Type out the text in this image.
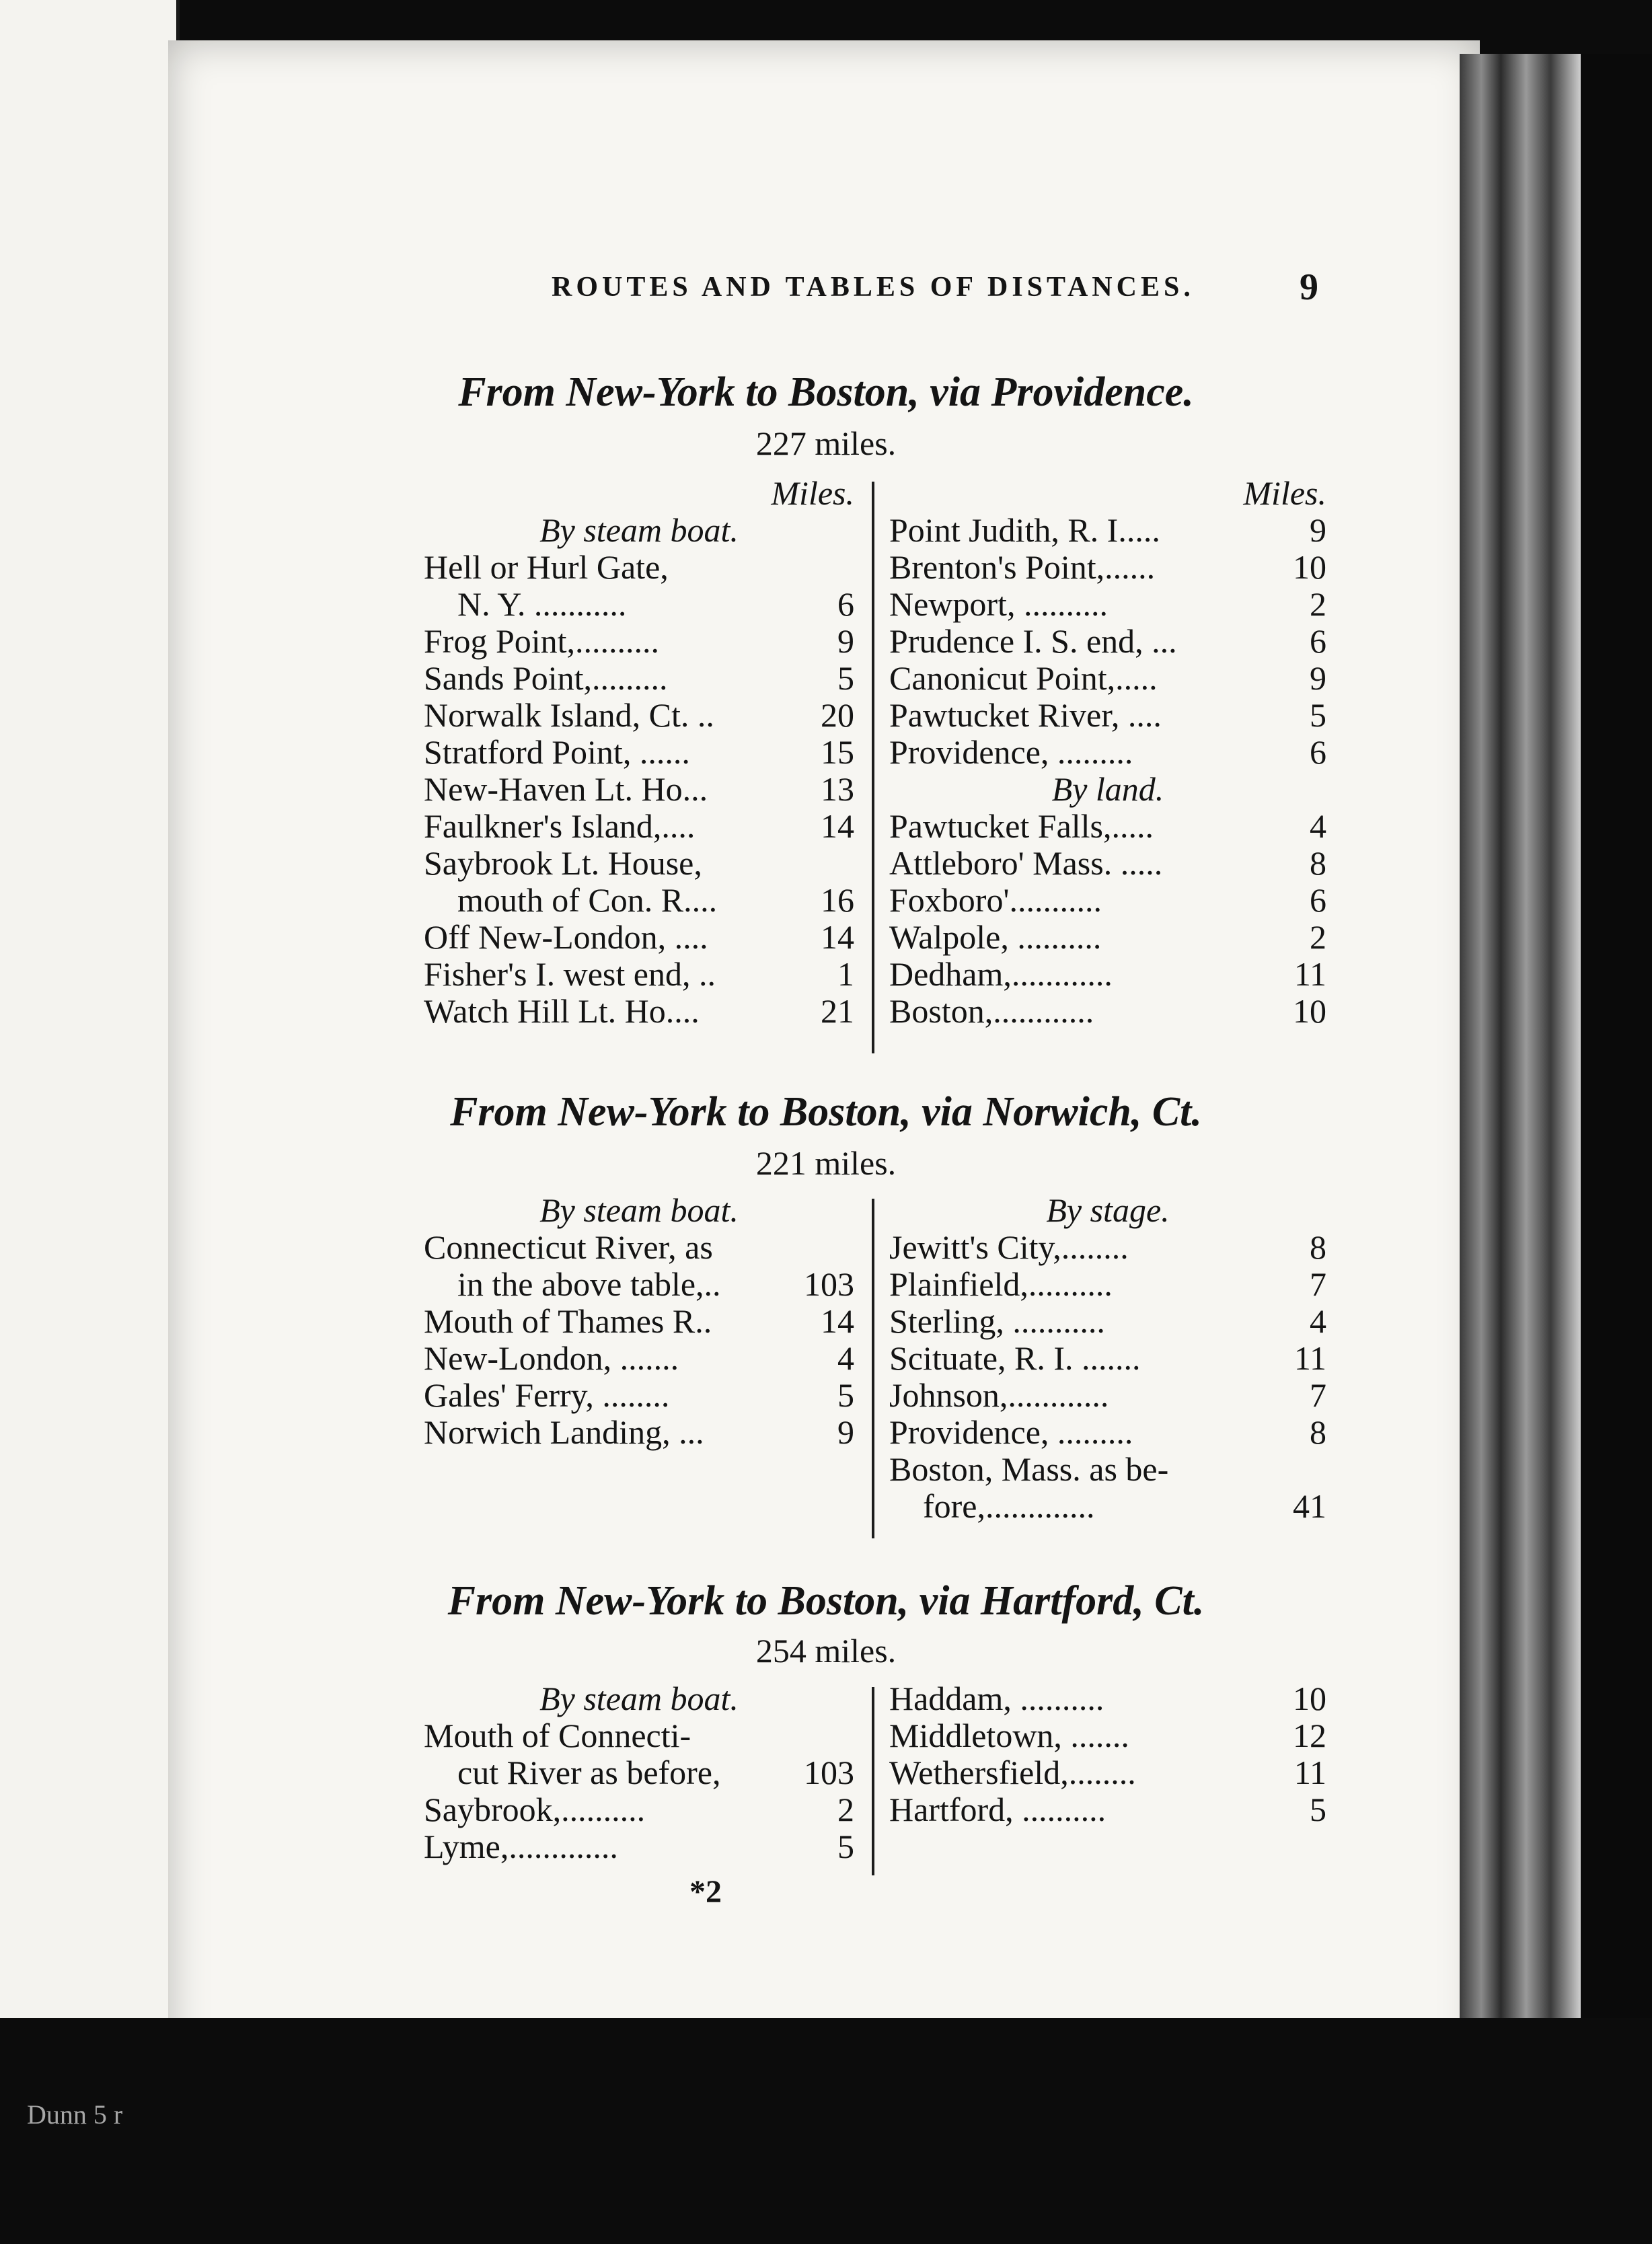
Dunn 5 r
ROUTES AND TABLES OF DISTANCES.	9
From New-York to Boston, via Providence.
227 miles.
Miles.
By steam boat.
Hell or Hurl Gate,
N. Y. ...........	6
Frog Point,..........	9
Sands Point,.........	5
Norwalk Island, Ct. ..	20
Stratford Point, ......	15
New-Haven Lt. Ho...	13
Faulkner's Island,....	14
Saybrook Lt. House,
mouth of Con. R....	16
Off New-London, ....	14
Fisher's I. west end, ..	1
Watch Hill Lt. Ho....	21
Miles.
Point Judith, R. I.....	9
Brenton's Point,......	10
Newport, ..........	2
Prudence I. S. end, ...	6
Canonicut Point,.....	9
Pawtucket River, ....	5
Providence, .........	6
By land.
Pawtucket Falls,.....	4
Attleboro' Mass. .....	8
Foxboro'...........	6
Walpole, ..........	2
Dedham,............	11
Boston,............	10
From New-York to Boston, via Norwich, Ct.
221 miles.
By steam boat.
Connecticut River, as
in the above table,.. 103
Mouth of Thames R..	14
New-London, .......	4
Gales' Ferry, ........	5
Norwich Landing, ...	9
By stage.
Jewitt's City,........	8
Plainfield,..........	7
Sterling, ...........	4
Scituate, R. I. .......	11
Johnson,............	7
Providence, .........	8
Boston, Mass. as be-
fore,.............	41
From New-York to Boston, via Hartford, Ct.
254 miles.
By steam boat.
Mouth of Connecti-
cut River as before, 103
Saybrook,..........	2
Lyme,.............	5
Haddam, ..........	10
Middletown, .......	12
Wethersfield,........	11
Hartford, ..........	5
*2
